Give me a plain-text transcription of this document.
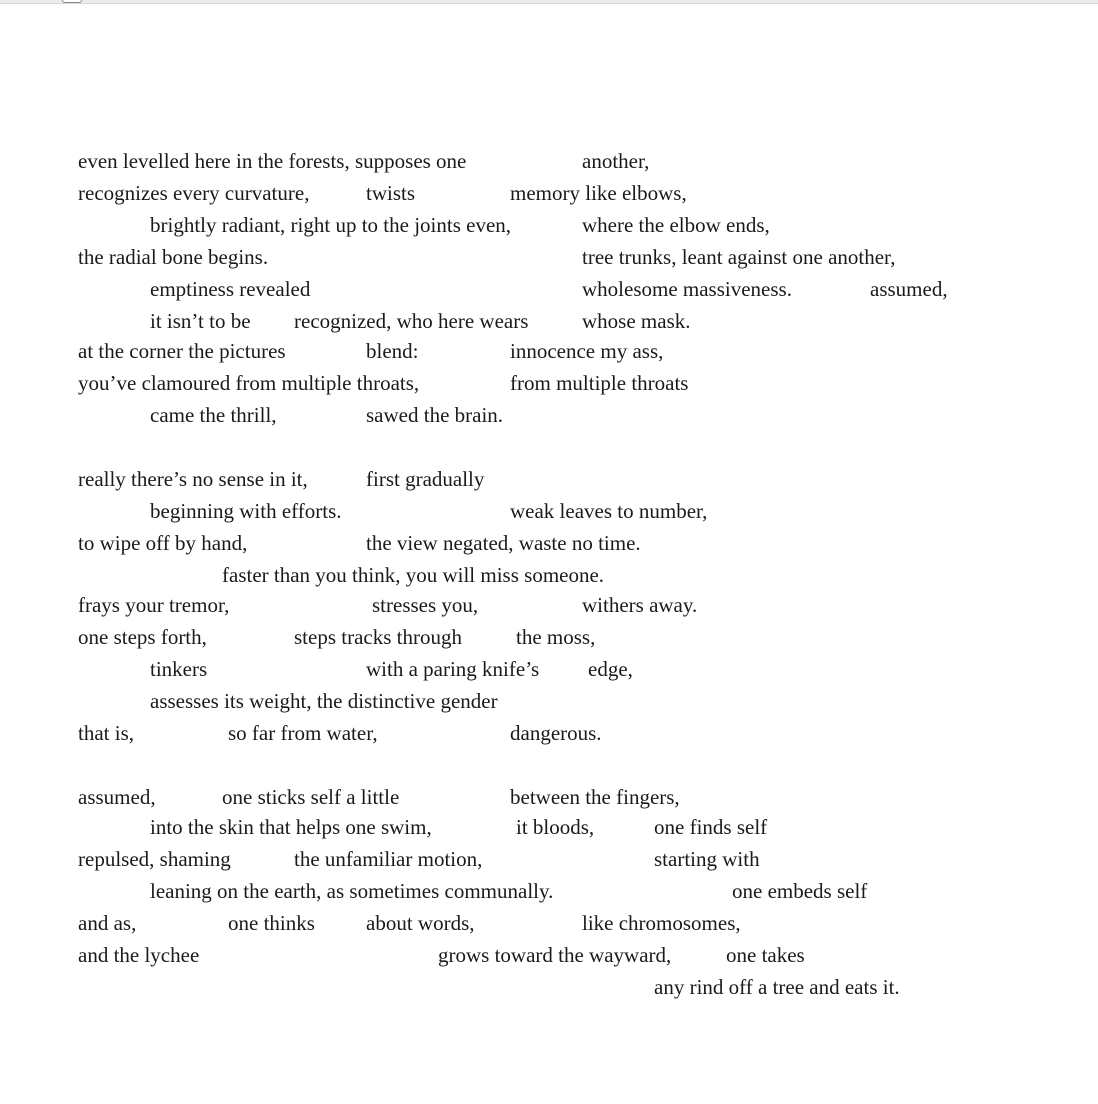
even levelled here in the forests, supposes one	another,
recognizes every curvature,	twists	memory like elbows,
brightly radiant, right up to the joints even,	where the elbow ends,
the radial bone begins.	tree trunks, leant against one another,
emptiness revealed	wholesome massiveness.	assumed,
it isn’t to be recognized, who here wears	whose mask.
at the corner the pictures	blend:	innocence my ass,
you’ve clamoured from multiple throats,	from multiple throats
came the thrill,	sawed the brain.
really there’s no sense in it,	first gradually
beginning with efforts.	weak leaves to number,
to wipe off by hand,	the view negated, waste no time.
faster than you think, you will miss someone.
frays your tremor,	stresses you,	withers away.
one steps forth,	steps tracks through	the moss,
tinkers	with a paring knife’s edge,
assesses its weight, the distinctive gender
that is,	so far from water,	dangerous.
assumed,	one sticks self a little	between the fingers,
into the skin that helps one swim,	it bloods,	one finds self
repulsed, shaming	the unfamiliar motion,	starting with
leaning on the earth, as sometimes communally.	one embeds self
and as,	one thinks about words,	like chromosomes,
and the lychee	grows toward the wayward,	one takes
any rind off a tree and eats it.
